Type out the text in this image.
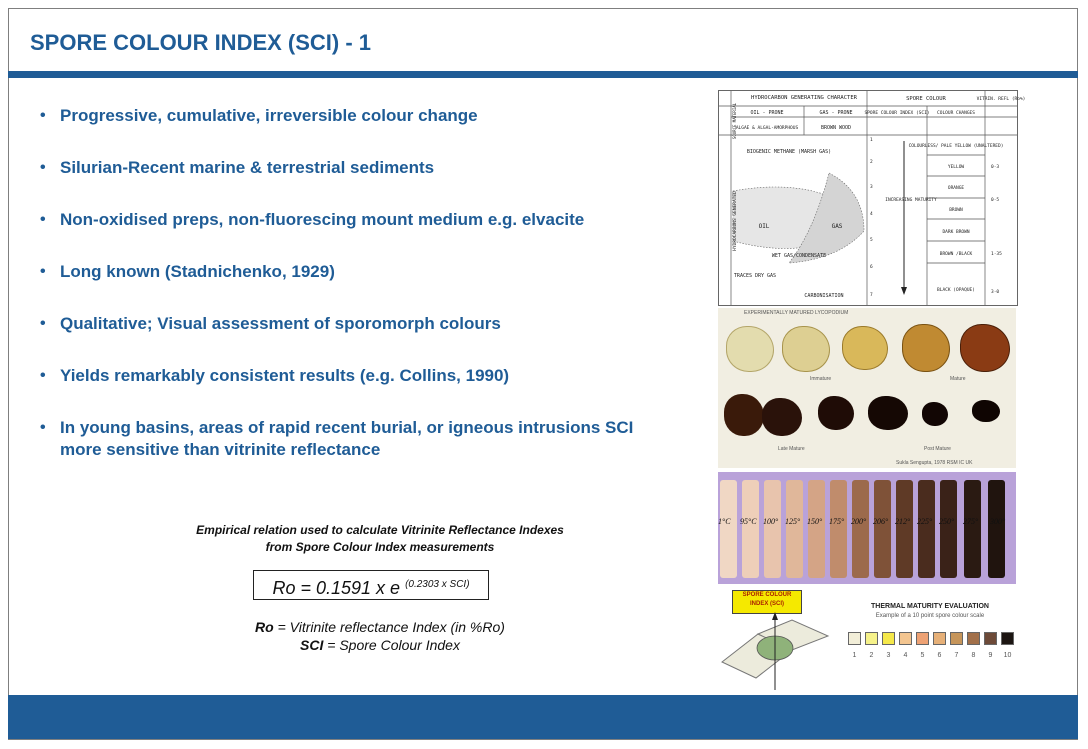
SPORE COLOUR INDEX (SCI) - 1
• Progressive, cumulative, irreversible colour change
• Silurian-Recent marine & terrestrial sediments
• Non-oxidised preps, non-fluorescing mount medium e.g. elvacite
• Long known (Stadnichenko, 1929)
• Qualitative; Visual assessment of sporomorph colours
• Yields remarkably consistent results (e.g. Collins, 1990)
• In young basins, areas of rapid recent burial, or igneous intrusions SCI more sensitive than vitrinite reflectance
Empirical relation used to calculate Vitrinite Reflectance Indexes
from Spore Colour Index measurements
Ro = 0.1591 x e $^{(0.2303 x SCI)}$
Ro = Vitrinite reflectance Index (in %Ro)
SCI = Spore Colour Index
HYDROCARBON GENERATING CHARACTER	SPORE COLOUR	VITRIN. REFL (Ro%)
OIL - PRONE	GAS - PRONE	SPORE COLOUR INDEX (SCI) COLOUR CHANGES
ALGAE & ALGAL-AMORPHOUS	BROWN WOOD
SOURCE MATERIAL
HYDROCARBONS GENERATED
BIOGENIC METHANE (MARSH GAS)
OIL	GAS
WET GAS/CONDENSATE
TRACES DRY GAS
CARBONISATION
INCREASING MATURITY
COLOURLESS/ PALE YELLOW (UNALTERED)
YELLOW
ORANGE
BROWN
DARK BROWN
BROWN /BLACK
BLACK (OPAQUE)
1
2
3
4
5
6
7
0·3
0·5
1·35
3·0
EXPERIMENTALLY MATURED LYCOPODIUM
Immature	Mature
Late Mature	Post Mature
Sukla Sengupta, 1978 RSM IC UK
1°C 95°C 100° 125° 150° 175° 200° 206° 212° 225° 250° 275° 300°
SPORE COLOUR INDEX (SCI)	THERMAL MATURITY EVALUATION
Example of a 10 point spore colour scale
1	2	3	4	5	6	7	8	9	10
